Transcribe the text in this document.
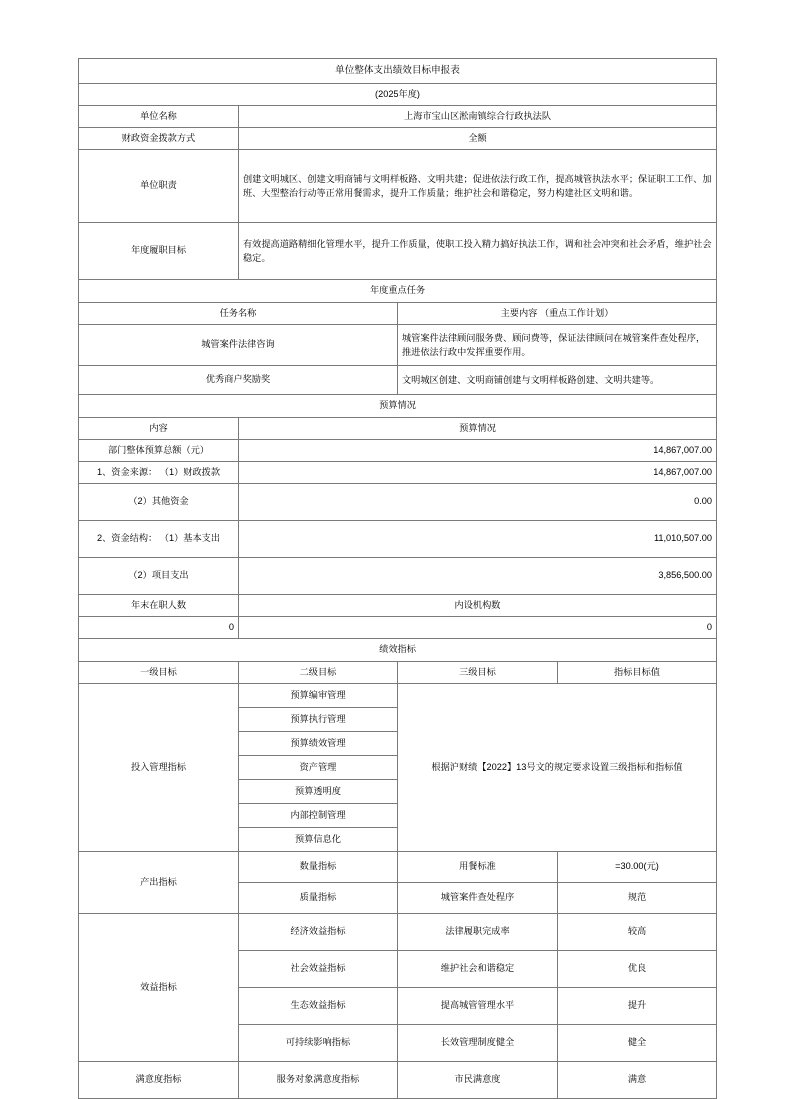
单位整体支出绩效目标申报表			
(2025年度)			
单位名称	上海市宝山区淞南镇综合行政执法队		
财政资金拨款方式	全额		
单位职责	创建文明城区、创建文明商铺与文明样板路、文明共建；促进依法行政工作，提高城管执法水平；保证职工工作、加班、大型整治行动等正常用餐需求，提升工作质量；维护社会和谐稳定，努力构建社区文明和谐。		
年度履职目标	有效提高道路精细化管理水平，提升工作质量，使职工投入精力搞好执法工作，调和社会冲突和社会矛盾，维护社会稳定。		
年度重点任务			
任务名称		主要内容 （重点工作计划）	
城管案件法律咨询		城管案件法律顾问服务费、顾问费等，保证法律顾问在城管案件查处程序，推进依法行政中发挥重要作用。	
优秀商户奖励奖		文明城区创建、文明商铺创建与文明样板路创建、文明共建等。	
预算情况			
内容	预算情况		
部门整体预算总额（元）	14,867,007.00		
1、资金来源： （1）财政拨款	14,867,007.00		
（2）其他资金	0.00		
2、资金结构： （1）基本支出	11,010,507.00		
（2）项目支出	3,856,500.00		
年末在职人数	内设机构数		
0	0		
绩效指标			
一级目标	二级目标	三级目标	指标目标值
投入管理指标	预算编审管理	根据沪财绩【2022】13号文的规定要求设置三级指标和指标值	
	预算执行管理		
	预算绩效管理		
	资产管理		
	预算透明度		
	内部控制管理		
	预算信息化		
产出指标	数量指标	用餐标准	=30.00(元)
	质量指标	城管案件查处程序	规范
效益指标	经济效益指标	法律履职完成率	较高
	社会效益指标	维护社会和谐稳定	优良
	生态效益指标	提高城管管理水平	提升
	可持续影响指标	长效管理制度健全	健全
满意度指标	服务对象满意度指标	市民满意度	满意
